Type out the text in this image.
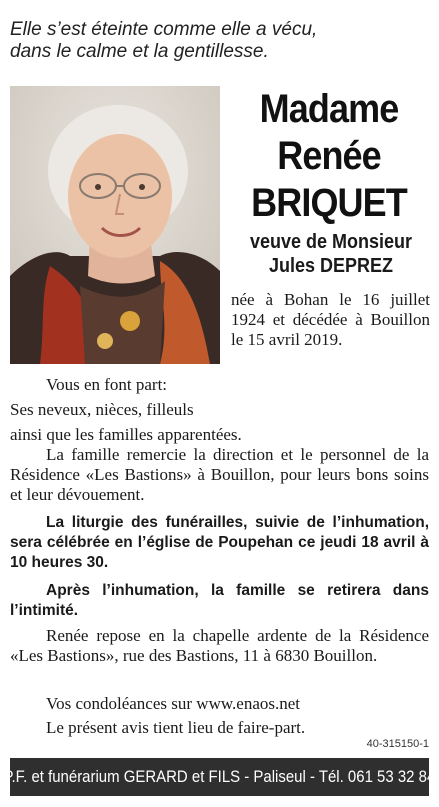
Elle s’est éteinte comme elle a vécu,
dans le calme et la gentillesse.
Madame
Renée
BRIQUET
veuve de Monsieur
Jules DEPREZ
née à Bohan le 16 juillet 1924 et décédée à Bouillon le 15 avril 2019.
Vous en font part:
Ses neveux, nièces, filleuls
ainsi que les familles apparentées.
La famille remercie la direction et le personnel de la Résidence «Les Bastions» à Bouillon, pour leurs bons soins et leur dévouement.
La liturgie des funérailles, suivie de l’inhumation, sera célébrée en l’église de Poupehan ce jeudi 18 avril à 10 heures 30.
Après l’inhumation, la famille se retirera dans l’intimité.
Renée repose en la chapelle ardente de la Résidence «Les Bastions», rue des Bastions, 11 à 6830 Bouillon.
Vos condoléances sur www.enaos.net
Le présent avis tient lieu de faire-part.
40-315150-1
P.F. et funérarium GERARD et FILS - Paliseul - Tél. 061 53 32 84
